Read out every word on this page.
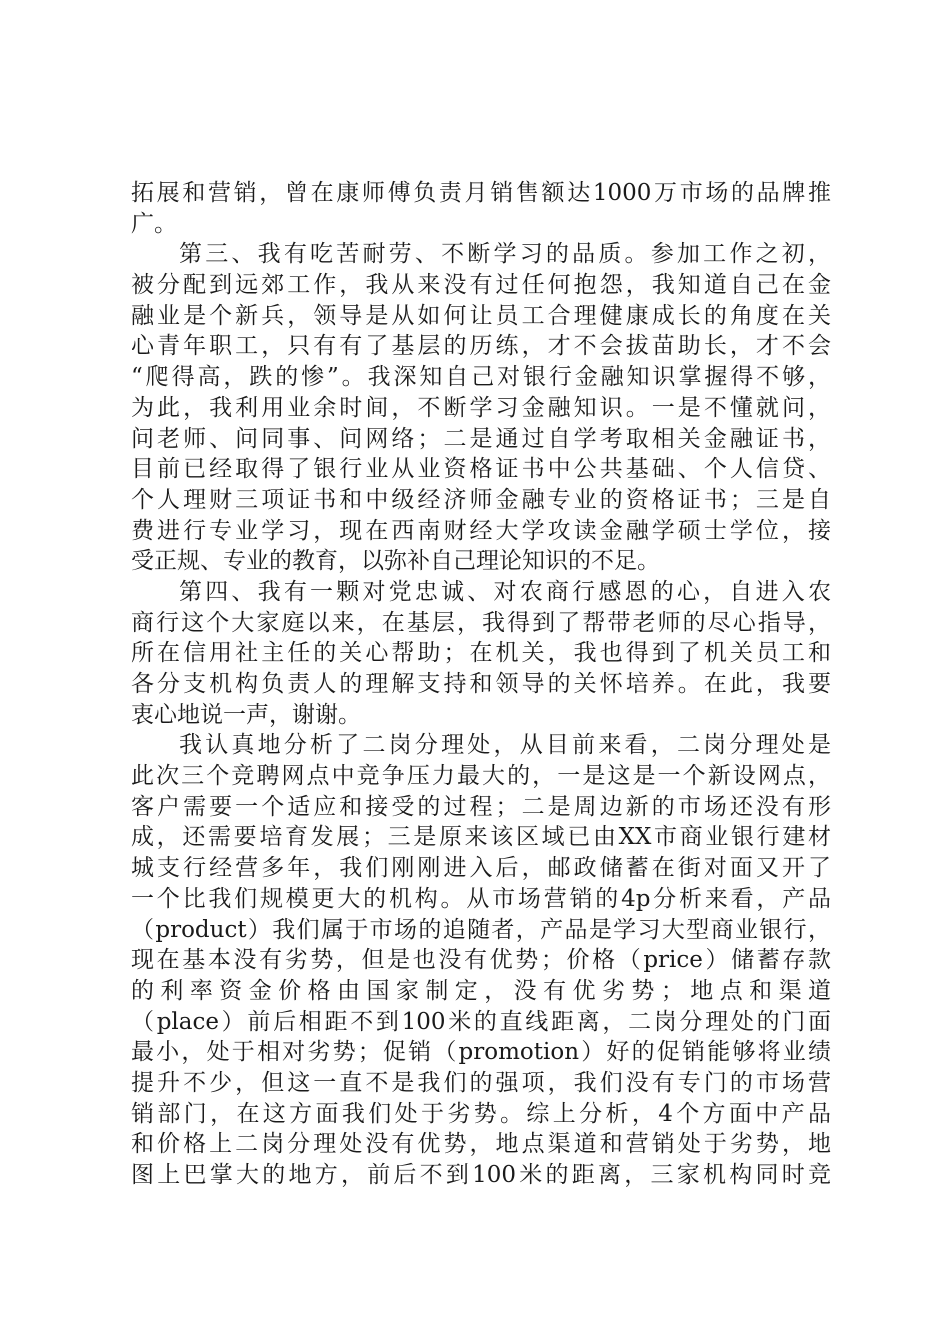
拓展和营销，曾在康师傅负责月销售额达1000万市场的品牌推
广。
第三、我有吃苦耐劳、不断学习的品质。参加工作之初，
被分配到远郊工作，我从来没有过任何抱怨，我知道自己在金
融业是个新兵，领导是从如何让员工合理健康成长的角度在关
心青年职工，只有有了基层的历练，才不会拔苗助长，才不会
“爬得高，跌的惨”。我深知自己对银行金融知识掌握得不够，
为此，我利用业余时间，不断学习金融知识。一是不懂就问，
问老师、问同事、问网络；二是通过自学考取相关金融证书，
目前已经取得了银行业从业资格证书中公共基础、个人信贷、
个人理财三项证书和中级经济师金融专业的资格证书；三是自
费进行专业学习，现在西南财经大学攻读金融学硕士学位，接
受正规、专业的教育，以弥补自己理论知识的不足。
第四、我有一颗对党忠诚、对农商行感恩的心，自进入农
商行这个大家庭以来，在基层，我得到了帮带老师的尽心指导，
所在信用社主任的关心帮助；在机关，我也得到了机关员工和
各分支机构负责人的理解支持和领导的关怀培养。在此，我要
衷心地说一声，谢谢。
我认真地分析了二岗分理处，从目前来看，二岗分理处是
此次三个竞聘网点中竞争压力最大的，一是这是一个新设网点，
客户需要一个适应和接受的过程；二是周边新的市场还没有形
成，还需要培育发展；三是原来该区域已由XX市商业银行建材
城支行经营多年，我们刚刚进入后，邮政储蓄在街对面又开了
一个比我们规模更大的机构。从市场营销的4p分析来看，产品
（product）我们属于市场的追随者，产品是学习大型商业银行，
现在基本没有劣势，但是也没有优势；价格（price）储蓄存款
的利率资金价格由国家制定，没有优劣势；地点和渠道
（place）前后相距不到100米的直线距离，二岗分理处的门面
最小，处于相对劣势；促销（promotion）好的促销能够将业绩
提升不少，但这一直不是我们的强项，我们没有专门的市场营
销部门，在这方面我们处于劣势。综上分析，4个方面中产品
和价格上二岗分理处没有优势，地点渠道和营销处于劣势，地
图上巴掌大的地方，前后不到100米的距离，三家机构同时竞
